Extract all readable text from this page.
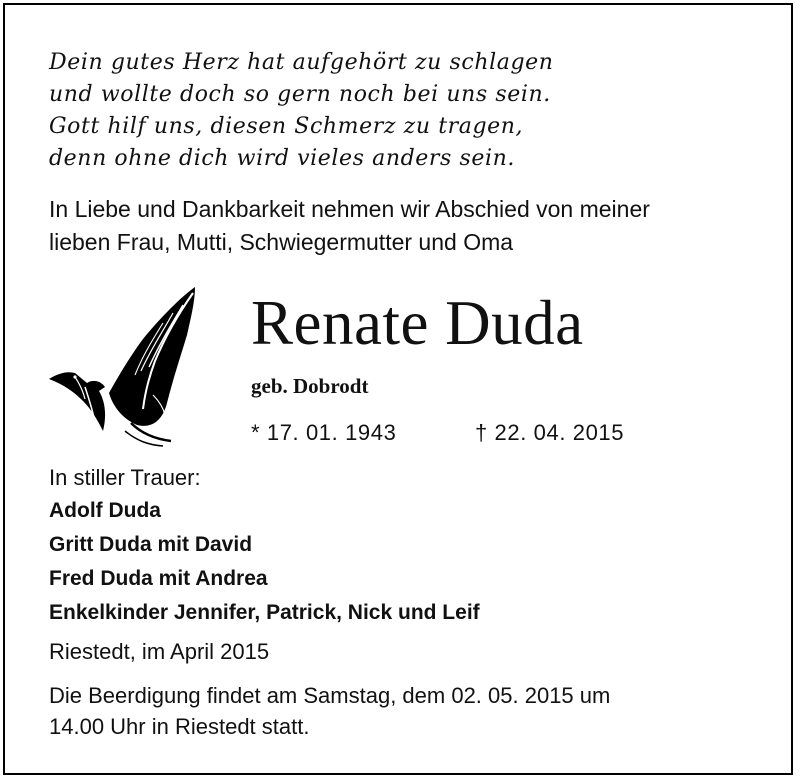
Dein gutes Herz hat aufgehört zu schlagen
und wollte doch so gern noch bei uns sein.
Gott hilf uns, diesen Schmerz zu tragen,
denn ohne dich wird vieles anders sein.
In Liebe und Dankbarkeit nehmen wir Abschied von meiner
lieben Frau, Mutti, Schwiegermutter und Oma
Renate Duda
geb. Dobrodt
* 17. 01. 1943	† 22. 04. 2015
In stiller Trauer:
Adolf Duda
Gritt Duda mit David
Fred Duda mit Andrea
Enkelkinder Jennifer, Patrick, Nick und Leif
Riestedt, im April 2015
Die Beerdigung findet am Samstag, dem 02. 05. 2015 um
14.00 Uhr in Riestedt statt.
